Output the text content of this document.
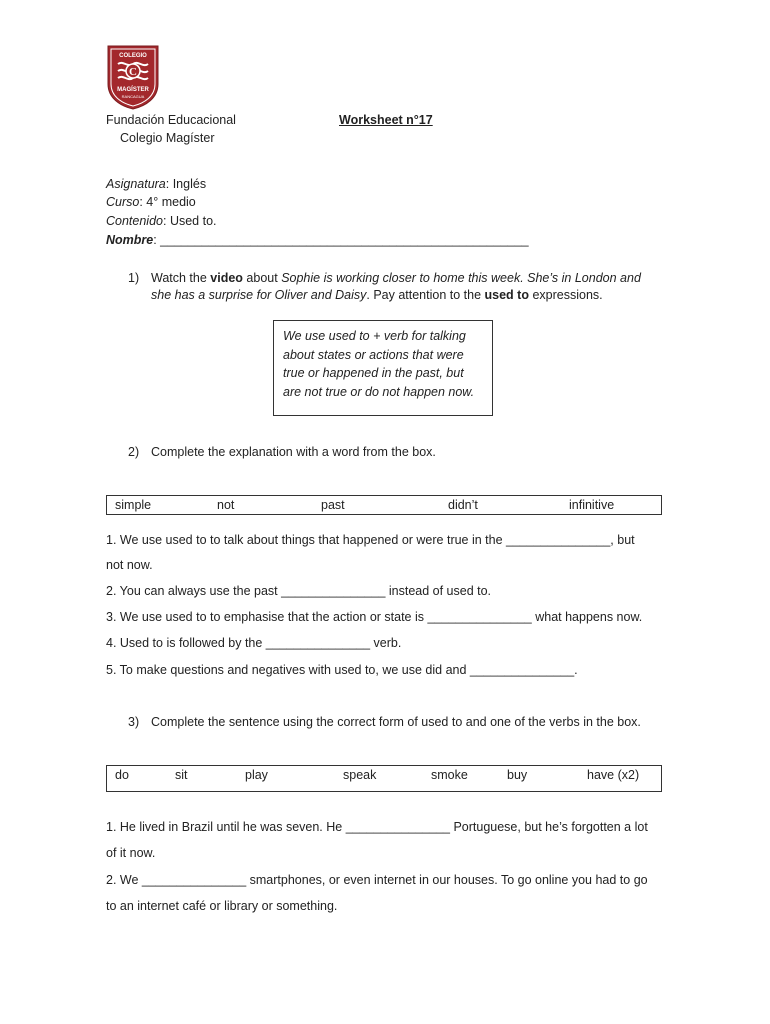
COLEGIO
C
MAGÍSTER
RANCAGUA
Fundación Educacional
Colegio Magíster
Worksheet n°17
Asignatura: Inglés
Curso: 4° medio
Contenido: Used to.
Nombre: _____________________________________________________
1) Watch the video about Sophie is working closer to home this week. She’s in London and
she has a surprise for Oliver and Daisy. Pay attention to the used to expressions.
We use used to + verb for talking about states or actions that were true or happened in the past, but are not true or do not happen now.
2) Complete the explanation with a word from the box.
simple	not	past	didn’t	infinitive
1. We use used to to talk about things that happened or were true in the _______________, but
not now.
2. You can always use the past _______________ instead of used to.
3. We use used to to emphasise that the action or state is _______________ what happens now.
4. Used to is followed by the _______________ verb.
5. To make questions and negatives with used to, we use did and _______________.
3) Complete the sentence using the correct form of used to and one of the verbs in the box.
do	sit	play	speak	smoke	buy	have (x2)
1. He lived in Brazil until he was seven. He _______________ Portuguese, but he’s forgotten a lot
of it now.
2. We _______________ smartphones, or even internet in our houses. To go online you had to go
to an internet café or library or something.
